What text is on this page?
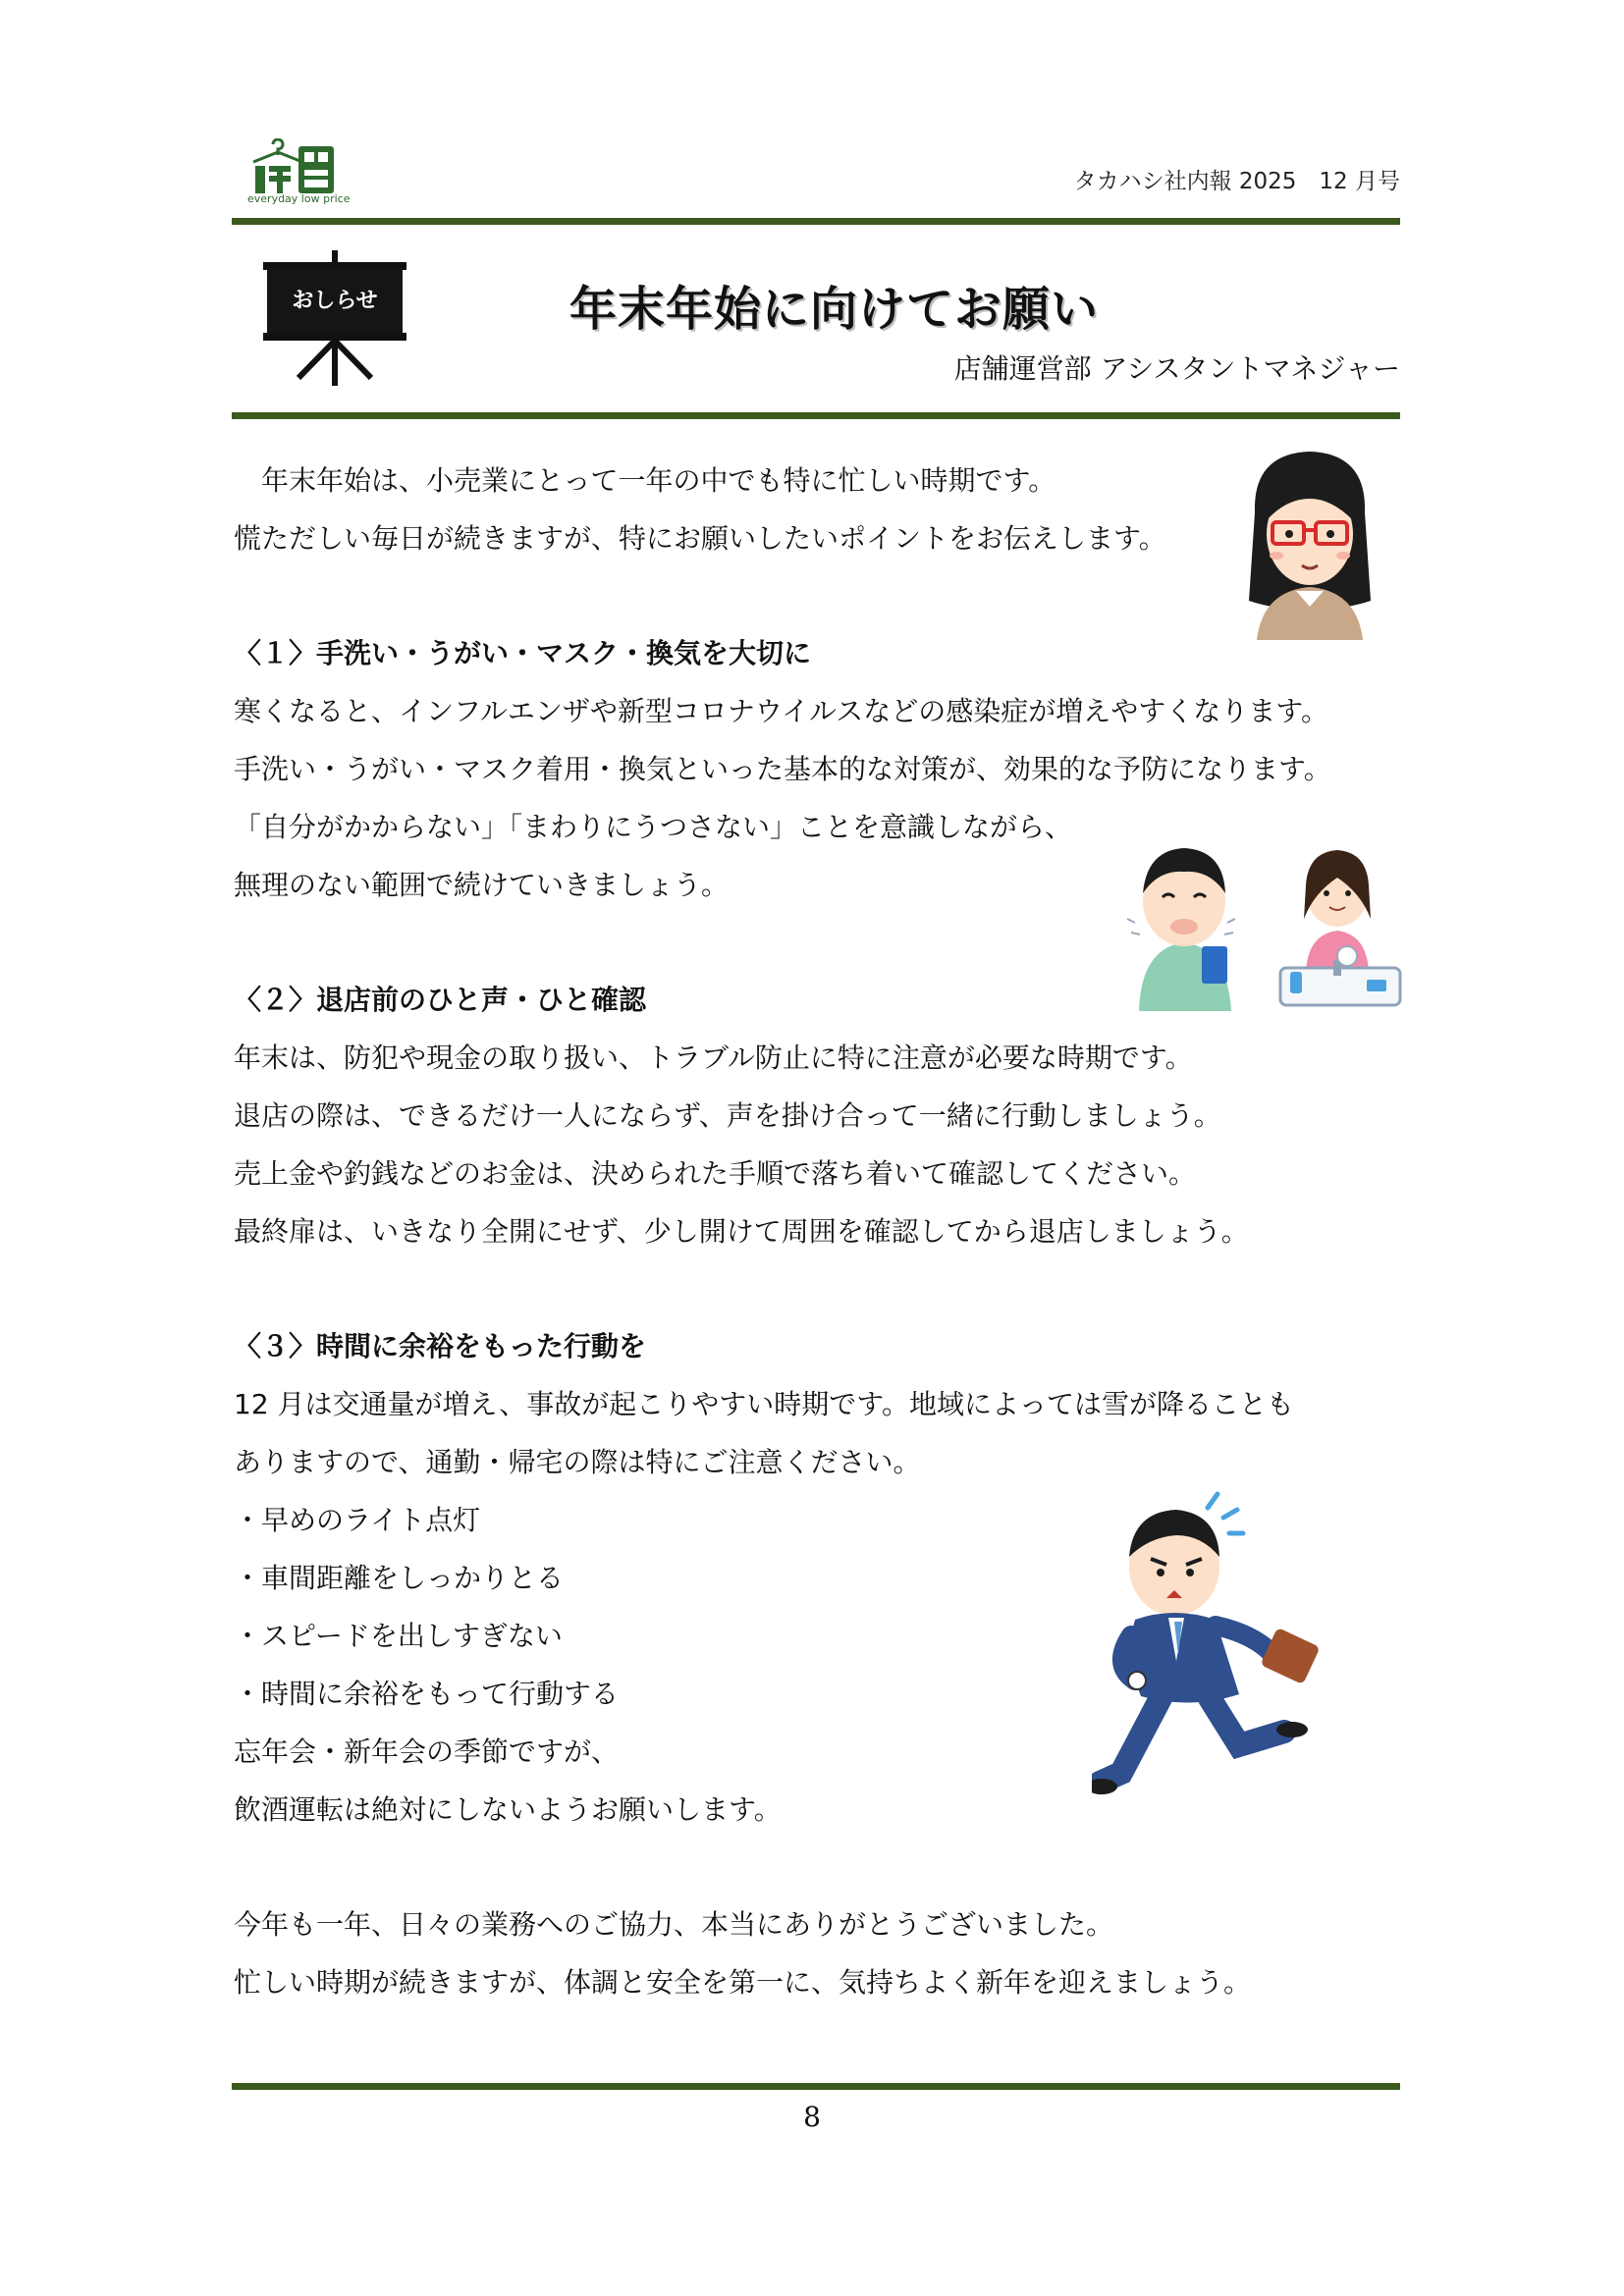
everyday low price
タカハシ社内報 2025　12 月号
おしらせ	年末年始に向けてお願い
店舗運営部 アシスタントマネジャー
　年末年始は、小売業にとって一年の中でも特に忙しい時期です。
慌ただしい毎日が続きますが、特にお願いしたいポイントをお伝えします。
〈１〉手洗い・うがい・マスク・換気を大切に
寒くなると、インフルエンザや新型コロナウイルスなどの感染症が増えやすくなります。
手洗い・うがい・マスク着用・換気といった基本的な対策が、効果的な予防になります。
「自分がかからない」「まわりにうつさない」ことを意識しながら、
無理のない範囲で続けていきましょう。
〈２〉退店前のひと声・ひと確認
年末は、防犯や現金の取り扱い、トラブル防止に特に注意が必要な時期です。
退店の際は、できるだけ一人にならず、声を掛け合って一緒に行動しましょう。
売上金や釣銭などのお金は、決められた手順で落ち着いて確認してください。
最終扉は、いきなり全開にせず、少し開けて周囲を確認してから退店しましょう。
〈３〉時間に余裕をもった行動を
12 月は交通量が増え、事故が起こりやすい時期です。地域によっては雪が降ることも
ありますので、通勤・帰宅の際は特にご注意ください。
・早めのライト点灯
・車間距離をしっかりとる
・スピードを出しすぎない
・時間に余裕をもって行動する
忘年会・新年会の季節ですが、
飲酒運転は絶対にしないようお願いします。
今年も一年、日々の業務へのご協力、本当にありがとうございました。
忙しい時期が続きますが、体調と安全を第一に、気持ちよく新年を迎えましょう。
8
